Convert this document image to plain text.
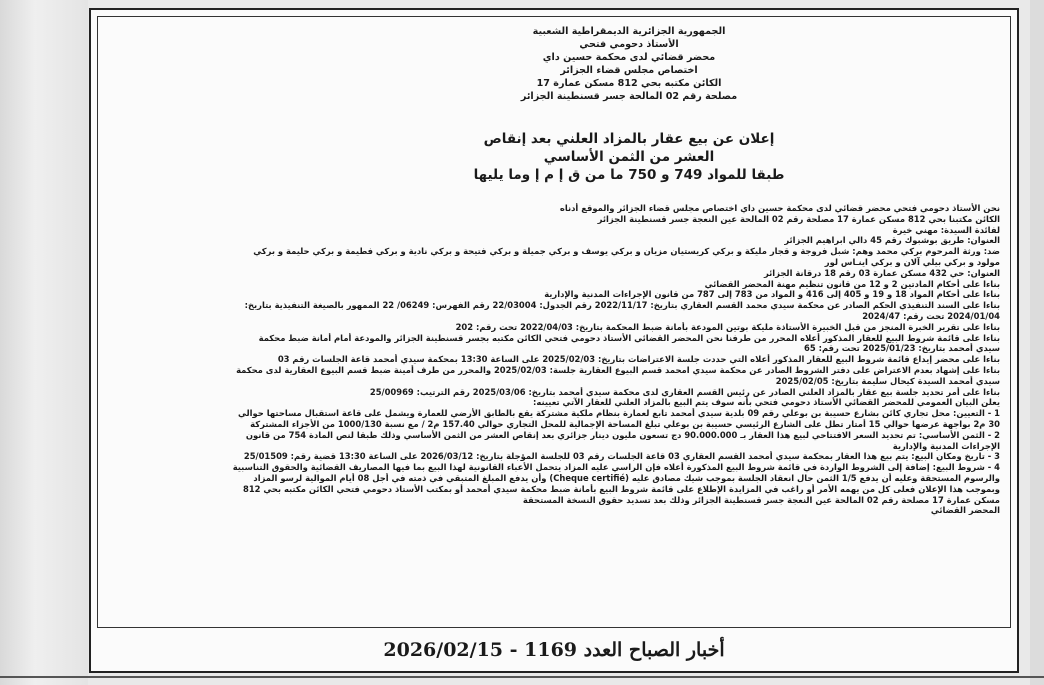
الجمهورية الجزائرية الديمقراطية الشعبية
الأستاذ دحومي فتحي
محضر قضائي لدى محكمة حسين داي
اختصاص مجلس قضاء الجزائر
الكائن مكتبه بحي 812 مسكن عمارة 17
مصلحة رقم 02 المالحة جسر قسنطينة الجزائر
إعلان عن بيع عقار بالمزاد العلني بعد إنقاص
العشر من الثمن الأساسي
طبقا للمواد 749 و 750 ما من ق إ م إ وما يليها

نحن الأستاذ دحومي فتحي محضر قضائي لدى محكمة حسين داي اختصاص مجلس قضاء الجزائر والموقع أدناه

الكائن مكتبنا بحي 812 مسكن عمارة 17 مصلحة رقم 02 المالحة عين النعجة جسر قسنطينة الجزائر

لفائدة السيدة: مهني خيرة

العنوان: طريق بوشبوك رقم 45 دالي ابراهيم الجزائر

ضد: ورثة المرحوم بركي محمد وهم: شبل فروجة و قجار مليكة و بركي كريستيان مزيان و بركي يوسف و بركي جميلة و بركي فتيحة و بركي نادية و بركي فطيمة و بركي حليمة و بركي

مولود و بركي بيلي آلان و بركي اينـاس لور

العنوان: حي 432 مسكن عمارة 03 رقم 18 درقانة الجزائر

بناءا على أحكام المادتين 2 و 12 من قانون تنظيم مهنة المحضر القضائي

بناءا على أحكام المواد 18 و 19 و 405 إلى 416 و المواد من 783 إلى 787 من قانون الإجراءات المدنية والإدارية

بناءا على السند التنفيذي الحكم الصادر عن محكمة سيدي محمد القسم العقاري بتاريخ: 2022/11/17 رقم الجدول: 22/03004 رقم الفهرس: 06249/ 22 الممهور بالصيغة التنفيذية بتاريخ:

2024/01/04 تحت رقم: 2024/47

بناءا على تقرير الخبرة المنجز من قبل الخبيرة الأستاذة مليكة بوتين المودعة بأمانة ضبط المحكمة بتاريخ: 2022/04/03 تحت رقم: 202

بناءا على قائمة شروط البيع للعقار المذكور أعلاه المحرر من طرفنا نحن المحضر القضائي الأستاذ دحومي فتحي الكائن مكتبه بجسر قسنطينة الجزائر والمودعة أمام أمانة ضبط محكمة

سيدي أمحمد بتاريخ: 2025/01/23 تحت رقم: 65

بناءا على محضر إيداع قائمة شروط البيع للعقار المذكور أعلاه التي حددت جلسة الاعتراضات بتاريخ: 2025/02/03 على الساعة 13:30 بمحكمة سيدي أمحمد قاعة الجلسات رقم 03

بناءا على إشهاد بعدم الاعتراض على دفتر الشروط الصادر عن محكمة سيدي امحمد قسم البيوع العقارية جلسة: 2025/02/03 والمحرر من طرف أمينة ضبط قسم البيوع العقارية لدى محكمة

سيدي أمحمد السيدة كيحال سليمة بتاريخ: 2025/02/05

بناءا على أمر تحديد جلسة بيع عقار بالمزاد العلني الصادر عن رئيس القسم العقاري لدى محكمة سيدي أمحمد بتاريخ: 2025/03/06 رقم الترتيب: 25/00969

يعلن البيان العمومي للمحضر القضائي الأستاذ دحومي فتحي بأنه سوف يتم البيع بالمزاد العلني للعقار الآتي تعيينه:

1 - التعيين: محل تجاري كائن بشارع حسيبة بن بوعلي رقم 09 بلدية سيدي أمحمد تابع لعمارة بنظام ملكية مشتركة يقع بالطابق الأرضي للعمارة ويشمل على قاعة استقبال مساحتها حوالي

30 م2 بواجهة عرضها حوالي 15 أمتار تطل على الشارع الرئيسي حسيبة بن بوعلي تبلغ المساحة الإجمالية للمحل التجاري حوالي 157.40 م2 / مع نسبة 1000/130 من الأجزاء المشتركة

2 - الثمن الأساسي: تم تحديد السعر الافتتاحي لبيع هذا العقار بـ 90.000.000 دج تسعون مليون دينار جزائري بعد إنقاص العشر من الثمن الأساسي وذلك طبقا لنص المادة 754 من قانون

الإجراءات المدنية والإدارية

3 - تاريخ ومكان البيع: يتم بيع هذا العقار بمحكمة سيدي أمحمد القسم العقاري 03 قاعة الجلسات رقم 03 للجلسة المؤجلة بتاريخ: 2026/03/12 على الساعة 13:30 قضية رقم: 25/01509

4 - شروط البيع: إضافة إلى الشروط الواردة في قائمة شروط البيع المذكورة أعلاه فإن الراسي عليه المزاد يتحمل الأعباء القانونية لهذا البيع بما فيها المصاريف القضائية والحقوق التناسبية

والرسوم المستحقة وعليه أن يدفع 1/5 الثمن حال انعقاد الجلسة بموجب شيك مصادق عليه (Cheque certifié) وأن يدفع المبلغ المتبقي في ذمته في أجل 08 أيام الموالية لرسو المزاد

وبموجب هذا الإعلان فعلى كل من يهمه الأمر أو راغب في المزايدة الإطلاع على قائمة شروط البيع بأمانة ضبط محكمة سيدي أمحمد أو بمكتب الأستاذ دحومي فتحي الكائن مكتبه بحي 812

مسكن عمارة 17 مصلحة رقم 02 المالحة عين النعجة جسر قسنطينة الجزائر وذلك بعد تسديد حقوق النسخة المستحقة

المحضر القضائي

أخبار الصباح العدد 1169 - 2026/02/15
